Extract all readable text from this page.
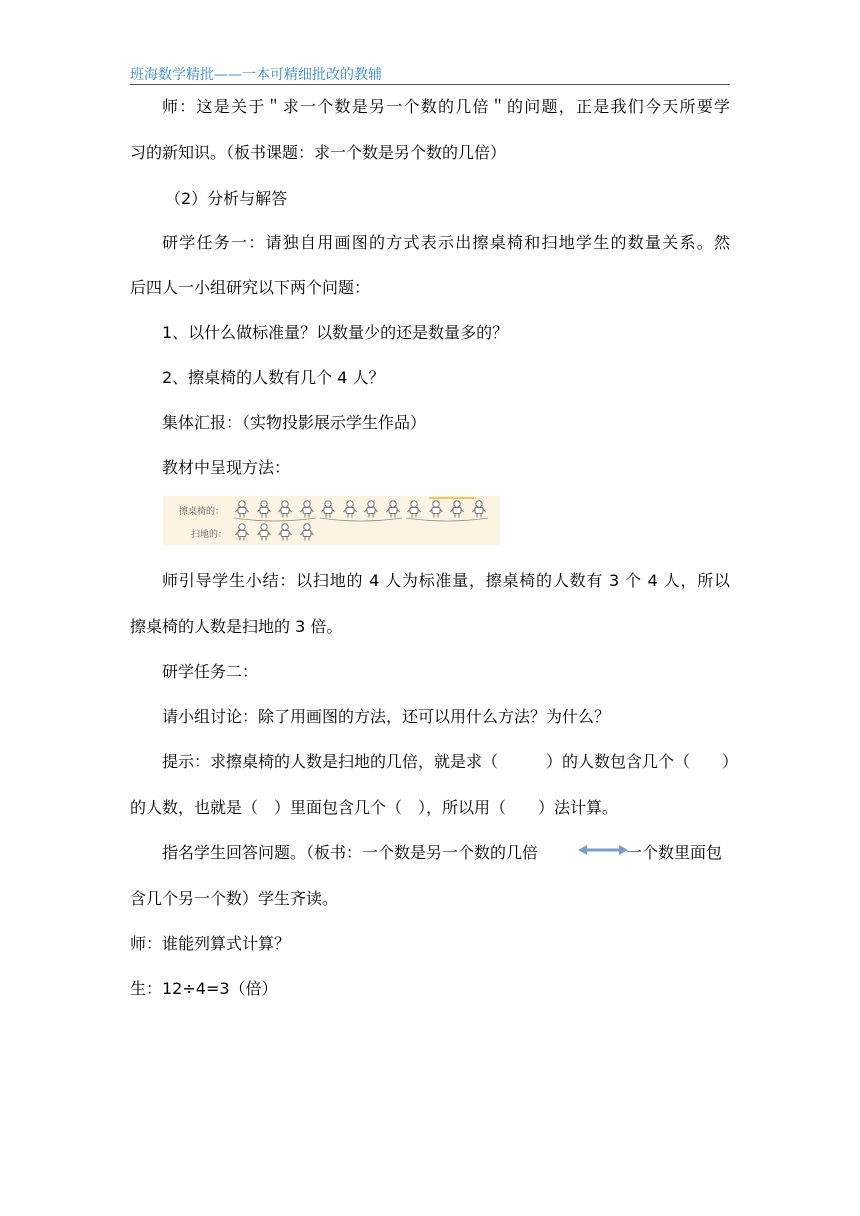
班海数学精批——一本可精细批改的教辅
师：这是关于＂求一个数是另一个数的几倍＂的问题，正是我们今天所要学
习的新知识。（板书课题：求一个数是另个数的几倍）
（2）分析与解答
研学任务一：请独自用画图的方式表示出擦桌椅和扫地学生的数量关系。然
后四人一小组研究以下两个问题：
1、以什么做标准量？以数量少的还是数量多的？
2、擦桌椅的人数有几个 4 人？
集体汇报：（实物投影展示学生作品）
教材中呈现方法：
擦桌椅的：
扫地的：
师引导学生小结：以扫地的 4 人为标准量，擦桌椅的人数有 3 个 4 人，所以
擦桌椅的人数是扫地的 3 倍。
研学任务二：
请小组讨论：除了用画图的方法，还可以用什么方法？为什么？
提示：求擦桌椅的人数是扫地的几倍，就是求（　　　）的人数包含几个（　　）
的人数，也就是（　）里面包含几个（　），所以用（　　）法计算。
指名学生回答问题。（板书：一个数是另一个数的几倍	一个数里面包
含几个另一个数）学生齐读。
师：谁能列算式计算？
生：12÷4=3（倍）
